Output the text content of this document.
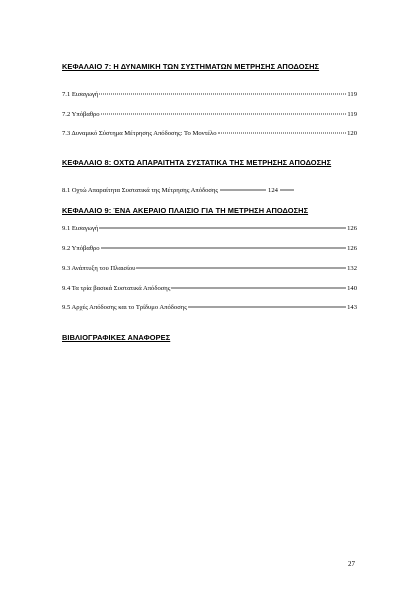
ΚΕΦΑΛΑΙΟ 7: Η ΔΥΝΑΜΙΚΗ ΤΩΝ ΣΥΣΤΗΜΑΤΩΝ ΜΕΤΡΗΣΗΣ ΑΠΟΔΟΣΗΣ
7.1 Εισαγωγή	119
7.2 Υπόβαθρο	119
7.3 Δυναμικό Σύστημα Μέτρησης Απόδοσης: Το Μοντέλο	120
ΚΕΦΑΛΑΙΟ 8: ΟΧΤΩ ΑΠΑΡΑΙΤΗΤΑ ΣΥΣΤΑΤΙΚΑ ΤΗΣ ΜΕΤΡΗΣΗΣ ΑΠΟΔΟΣΗΣ
8.1 Οχτώ Απαραίτητα Συστατικά της Μέτρησης Απόδοσης	124
ΚΕΦΑΛΑΙΟ 9: ΈΝΑ ΑΚΕΡΑΙΟ ΠΛΑΙΣΙΟ ΓΙΑ ΤΗ ΜΕΤΡΗΣΗ ΑΠΟΔΟΣΗΣ
9.1 Εισαγωγή	126
9.2 Υπόβαθρο	126
9.3 Ανάπτυξη του Πλαισίου	132
9.4 Τα τρία βασικά Συστατικά Απόδοσης	140
9.5 Αρχές Απόδοσης και το Τρίδυμο Απόδοσης	143
ΒΙΒΛΙΟΓΡΑΦΙΚΕΣ ΑΝΑΦΟΡΕΣ
27
